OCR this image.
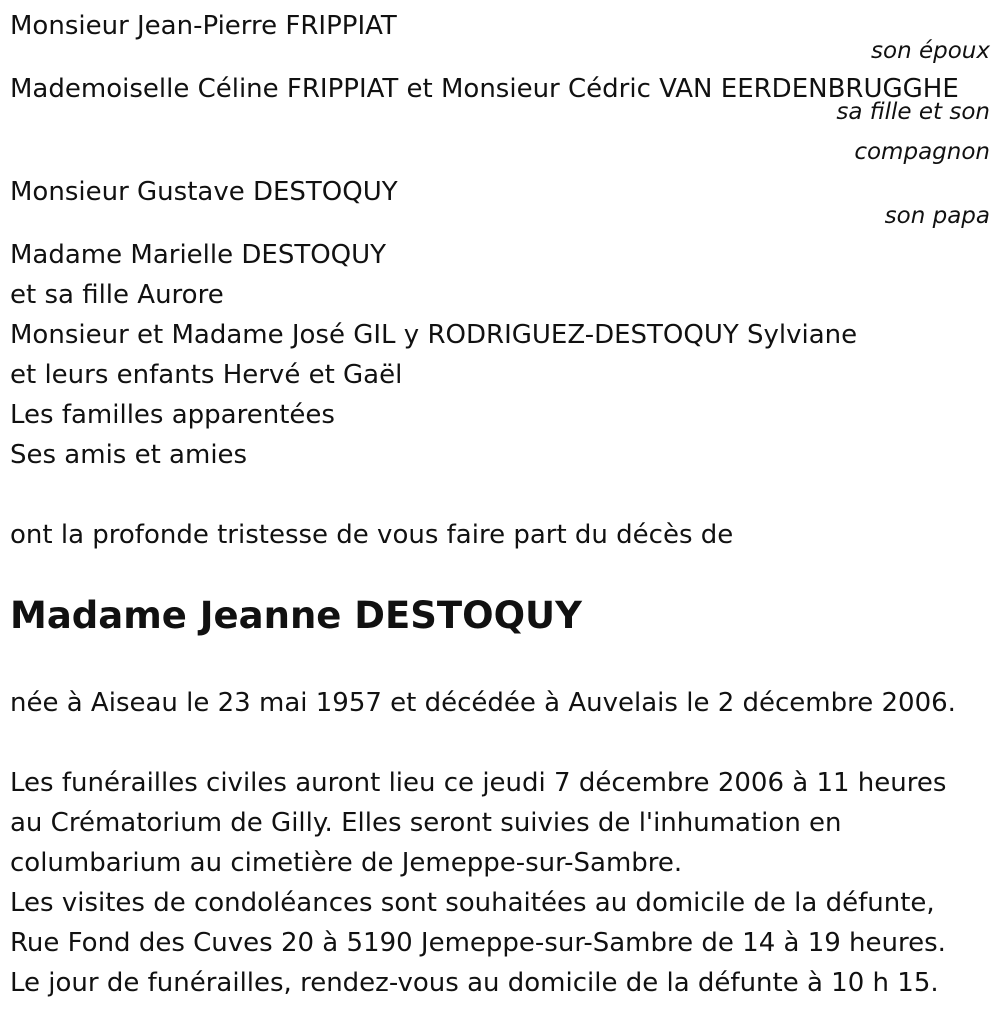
Monsieur Jean-Pierre FRIPPIAT
son époux
Mademoiselle Céline FRIPPIAT et Monsieur Cédric VAN EERDENBRUGGHE
sa fille et son
compagnon
Monsieur Gustave DESTOQUY
son papa
Madame Marielle DESTOQUY
et sa fille Aurore
Monsieur et Madame José GIL y RODRIGUEZ-DESTOQUY Sylviane
et leurs enfants Hervé et Gaël
Les familles apparentées
Ses amis et amies
ont la profonde tristesse de vous faire part du décès de
Madame Jeanne DESTOQUY
née à Aiseau le 23 mai 1957 et décédée à Auvelais le 2 décembre 2006.
Les funérailles civiles auront lieu ce jeudi 7 décembre 2006 à 11 heures
au Crématorium de Gilly. Elles seront suivies de l'inhumation en
columbarium au cimetière de Jemeppe-sur-Sambre.
Les visites de condoléances sont souhaitées au domicile de la défunte,
Rue Fond des Cuves 20 à 5190 Jemeppe-sur-Sambre de 14 à 19 heures.
Le jour de funérailles, rendez-vous au domicile de la défunte à 10 h 15.
